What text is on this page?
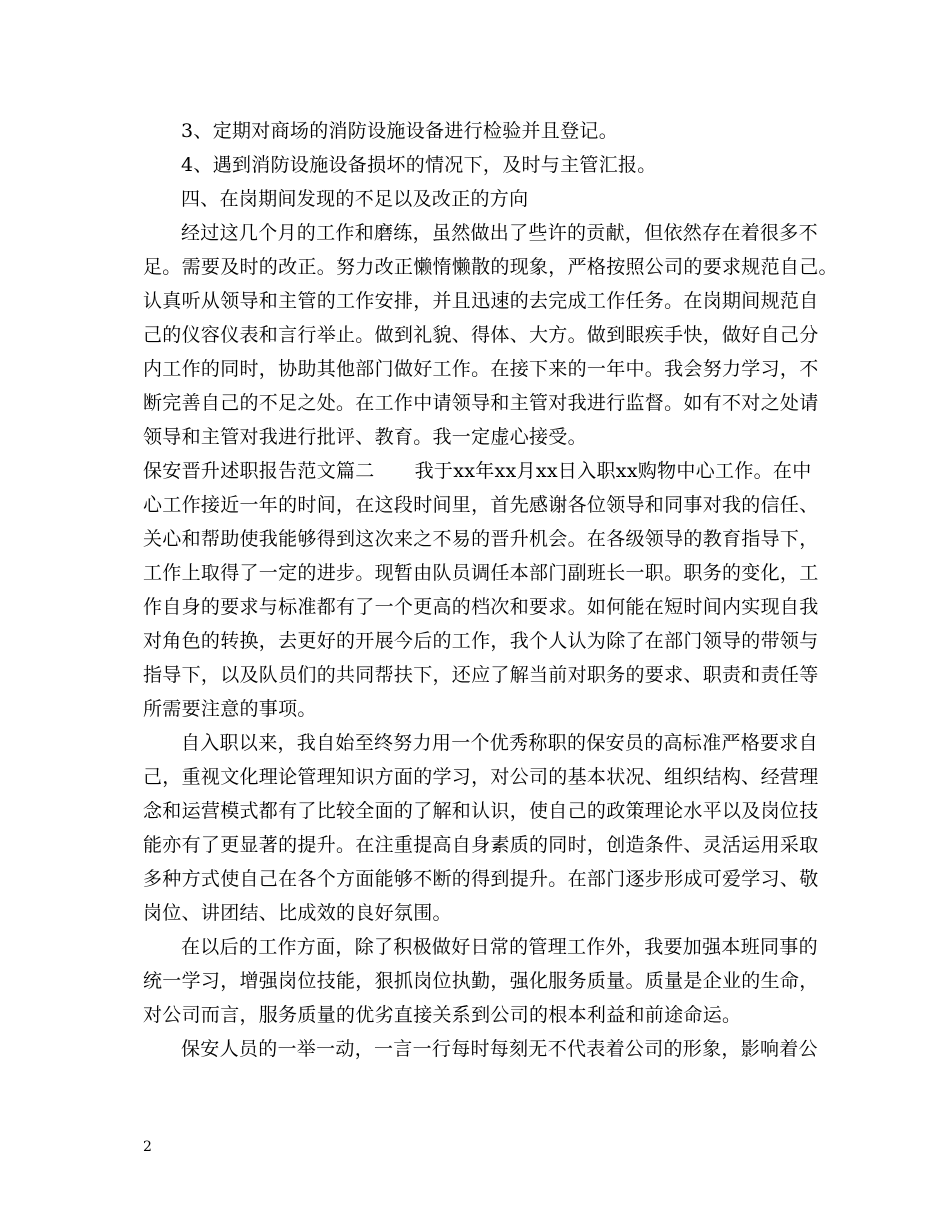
3、定期对商场的消防设施设备进行检验并且登记。
4、遇到消防设施设备损坏的情况下，及时与主管汇报。
四、在岗期间发现的不足以及改正的方向
经过这几个月的工作和磨练，虽然做出了些许的贡献，但依然存在着很多不
足。需要及时的改正。努力改正懒惰懒散的现象，严格按照公司的要求规范自己。
认真听从领导和主管的工作安排，并且迅速的去完成工作任务。在岗期间规范自
己的仪容仪表和言行举止。做到礼貌、得体、大方。做到眼疾手快，做好自己分
内工作的同时，协助其他部门做好工作。在接下来的一年中。我会努力学习，不
断完善自己的不足之处。在工作中请领导和主管对我进行监督。如有不对之处请
领导和主管对我进行批评、教育。我一定虚心接受。
保安晋升述职报告范文篇二 我于xx年xx月xx日入职xx购物中心工作。在中
心工作接近一年的时间，在这段时间里，首先感谢各位领导和同事对我的信任、
关心和帮助使我能够得到这次来之不易的晋升机会。在各级领导的教育指导下，
工作上取得了一定的进步。现暂由队员调任本部门副班长一职。职务的变化，工
作自身的要求与标准都有了一个更高的档次和要求。如何能在短时间内实现自我
对角色的转换，去更好的开展今后的工作，我个人认为除了在部门领导的带领与
指导下，以及队员们的共同帮扶下，还应了解当前对职务的要求、职责和责任等
所需要注意的事项。
自入职以来，我自始至终努力用一个优秀称职的保安员的高标准严格要求自
己，重视文化理论管理知识方面的学习，对公司的基本状况、组织结构、经营理
念和运营模式都有了比较全面的了解和认识，使自己的政策理论水平以及岗位技
能亦有了更显著的提升。在注重提高自身素质的同时，创造条件、灵活运用采取
多种方式使自己在各个方面能够不断的得到提升。在部门逐步形成可爱学习、敬
岗位、讲团结、比成效的良好氛围。
在以后的工作方面，除了积极做好日常的管理工作外，我要加强本班同事的
统一学习，增强岗位技能，狠抓岗位执勤，强化服务质量。质量是企业的生命，
对公司而言，服务质量的优劣直接关系到公司的根本利益和前途命运。
保安人员的一举一动，一言一行每时每刻无不代表着公司的形象，影响着公
2
